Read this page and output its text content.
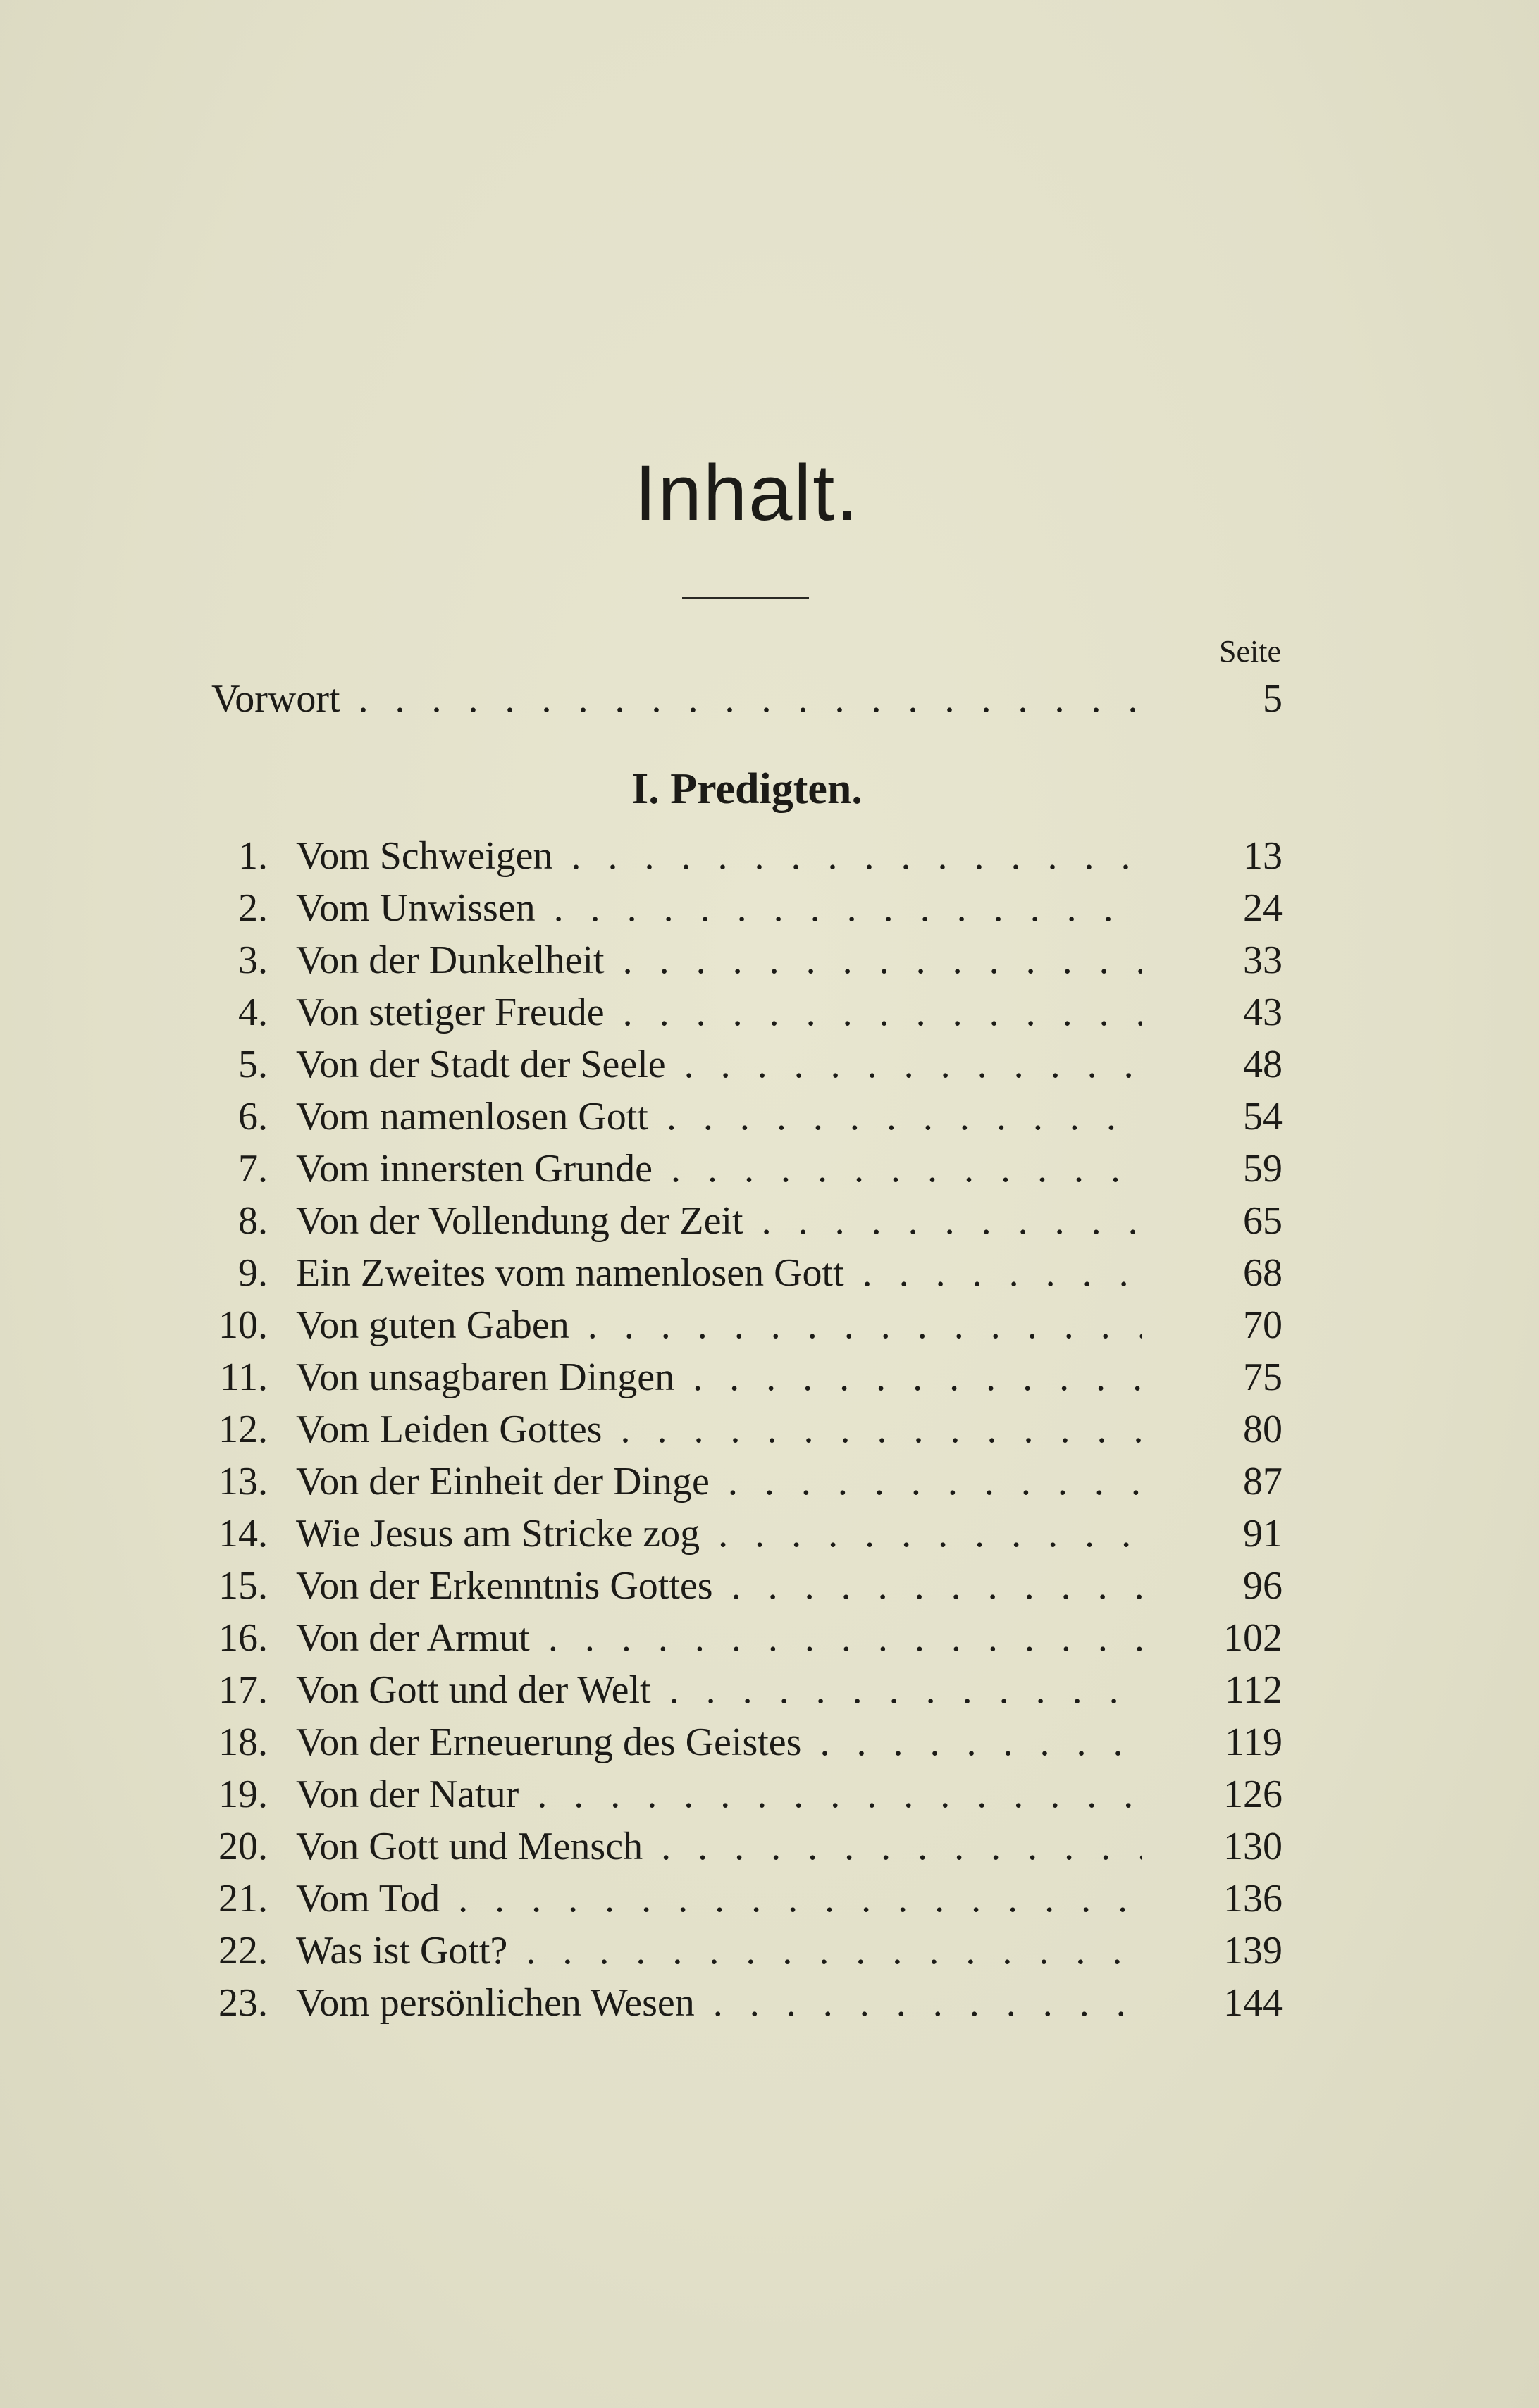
Inhalt.
Seite
Vorwort . . .	5
I. Predigten.
1. Vom Schweigen . . .	13
2. Vom Unwissen . . .	24
3. Von der Dunkelheit . . .	33
4. Von stetiger Freude . . .	43
5. Von der Stadt der Seele . . .	48
6. Vom namenlosen Gott . . .	54
7. Vom innersten Grunde . . .	59
8. Von der Vollendung der Zeit . . .	65
9. Ein Zweites vom namenlosen Gott . . .	68
10. Von guten Gaben . . .	70
11. Von unsagbaren Dingen . . .	75
12. Vom Leiden Gottes . . .	80
13. Von der Einheit der Dinge . . .	87
14. Wie Jesus am Stricke zog . . .	91
15. Von der Erkenntnis Gottes . . .	96
16. Von der Armut . . .	102
17. Von Gott und der Welt . . .	112
18. Von der Erneuerung des Geistes . . .	119
19. Von der Natur . . .	126
20. Von Gott und Mensch . . .	130
21. Vom Tod . . .	136
22. Was ist Gott? . . .	139
23. Vom persönlichen Wesen . . .	144
